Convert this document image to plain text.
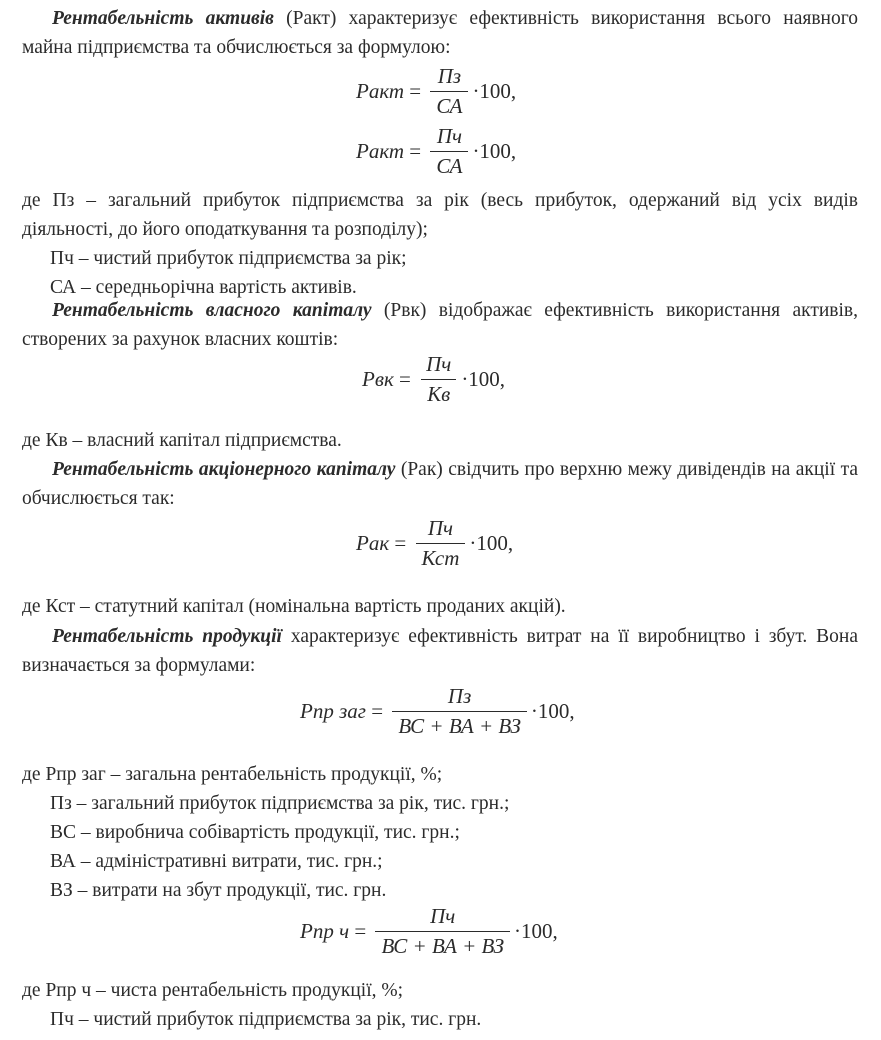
Рентабельність активів (Pакт) характеризує ефективність використання всього наявного майна підприємства та обчислюється за формулою:

Pакт = $\frac{Пз}{СА} \cdot 100$,
Pакт = $\frac{Пч}{СА} \cdot 100$,

де Пз – загальний прибуток підприємства за рік (весь прибуток, одержаний від усіх видів діяльності, до його оподаткування та розподілу);

Пч – чистий прибуток підприємства за рік;

СА – середньорічна вартість активів.

Рентабельність власного капіталу (Pвк) відображає ефективність використання активів, створених за рахунок власних коштів:

Pвк = $\frac{Пч}{Кв} \cdot 100$,

де Кв – власний капітал підприємства.

Рентабельність акціонерного капіталу (Pак) свідчить про верхню межу дивідендів на акції та обчислюється так:

Pак = $\frac{Пч}{\text{Кст}} \cdot 100$,

де Кст – статутний капітал (номінальна вартість проданих акцій).

Рентабельність продукції характеризує ефективність витрат на її виробництво і збут. Вона визначається за формулами:

Pпр заг = $\frac{Пз}{ВС + ВА + ВЗ} \cdot 100$,

де Pпр заг – загальна рентабельність продукції, %;

Пз – загальний прибуток підприємства за рік, тис. грн.;

ВС – виробнича собівартість продукції, тис. грн.;

ВА – адміністративні витрати, тис. грн.;

ВЗ – витрати на збут продукції, тис. грн.

Pпр $ч = \frac{Пч}{ВС + ВА + ВЗ} \cdot 100$,

де Pпр ч – чиста рентабельність продукції, %;

Пч – чистий прибуток підприємства за рік, тис. грн.
